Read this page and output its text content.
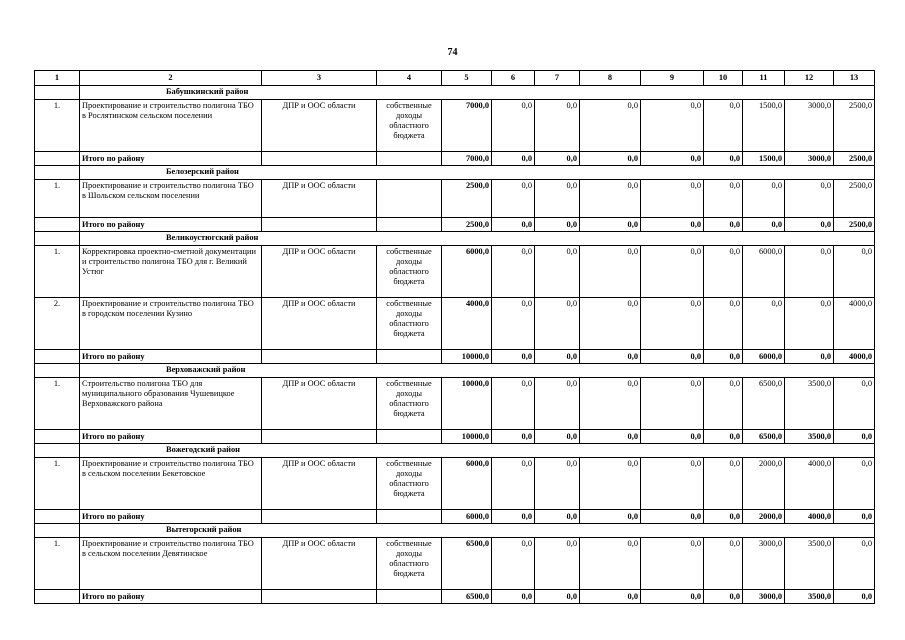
74
1	2	3	4	5	6	7	8	9	10	11	12	13
	Бабушкинский район											
1.	Проектирование и строительство полигона ТБО в Рослятинском сельском поселении	ДПР и ООС области	собственные доходы областного бюджета	7000,0	0,0	0,0	0,0	0,0	0,0	1500,0	3000,0	2500,0
	Итого по району			7000,0	0,0	0,0	0,0	0,0	0,0	1500,0	3000,0	2500,0
	Белозерский район											
1.	Проектирование и строительство полигона ТБО в Шольском сельском поселении	ДПР и ООС области		2500,0	0,0	0,0	0,0	0,0	0,0	0,0	0,0	2500,0
	Итого по району			2500,0	0,0	0,0	0,0	0,0	0,0	0,0	0,0	2500,0
	Великоустюгский район											
1.	Корректировка проектно-сметной документации и строительство полигона ТБО для г. Великий Устюг	ДПР и ООС области	собственные доходы областного бюджета	6000,0	0,0	0,0	0,0	0,0	0,0	6000,0	0,0	0,0
2.	Проектирование и строительство полигона ТБО в городском поселении Кузино	ДПР и ООС области	собственные доходы областного бюджета	4000,0	0,0	0,0	0,0	0,0	0,0	0,0	0,0	4000,0
	Итого по району			10000,0	0,0	0,0	0,0	0,0	0,0	6000,0	0,0	4000,0
	Верховажский район											
1.	Строительство полигона ТБО для муниципального образования Чушевицкое Верховажского района	ДПР и ООС области	собственные доходы областного бюджета	10000,0	0,0	0,0	0,0	0,0	0,0	6500,0	3500,0	0,0
	Итого по району			10000,0	0,0	0,0	0,0	0,0	0,0	6500,0	3500,0	0,0
	Вожегодский район											
1.	Проектирование и строительство полигона ТБО в сельском поселении Бекетовское	ДПР и ООС области	собственные доходы областного бюджета	6000,0	0,0	0,0	0,0	0,0	0,0	2000,0	4000,0	0,0
	Итого по району			6000,0	0,0	0,0	0,0	0,0	0,0	2000,0	4000,0	0,0
	Вытегорский район											
1.	Проектирование и строительство полигона ТБО в сельском поселении Девятинское	ДПР и ООС области	собственные доходы областного бюджета	6500,0	0,0	0,0	0,0	0,0	0,0	3000,0	3500,0	0,0
	Итого по району			6500,0	0,0	0,0	0,0	0,0	0,0	3000,0	3500,0	0,0
